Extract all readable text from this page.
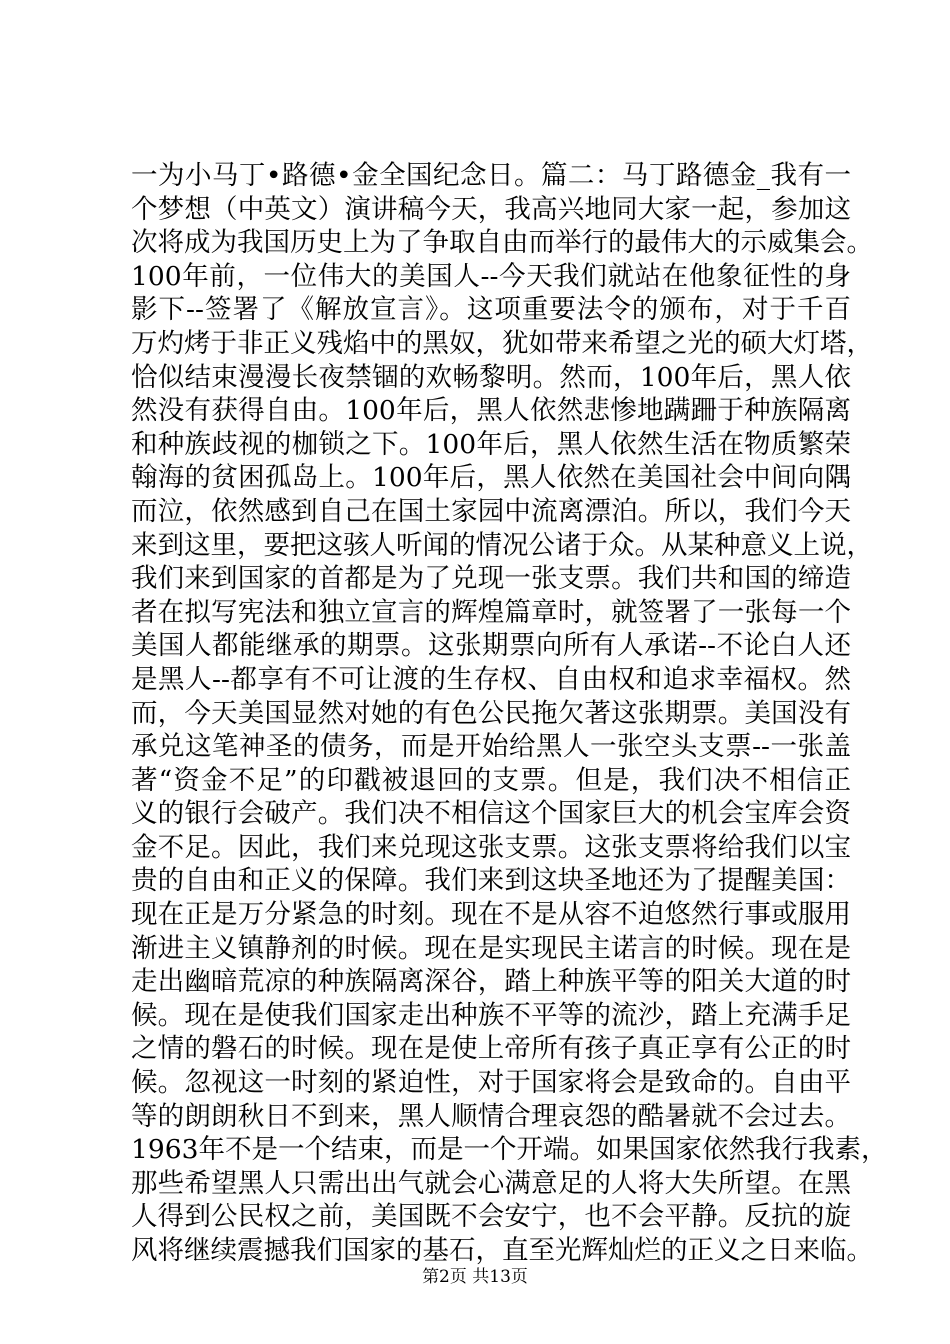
一为小马丁•路德•金全国纪念日。篇二：马丁路德金_我有一
个梦想（中英文）演讲稿今天，我高兴地同大家一起，参加这
次将成为我国历史上为了争取自由而举行的最伟大的示威集会。
100年前，一位伟大的美国人--今天我们就站在他象征性的身
影下--签署了《解放宣言》。这项重要法令的颁布，对于千百
万灼烤于非正义残焰中的黑奴，犹如带来希望之光的硕大灯塔，
恰似结束漫漫长夜禁锢的欢畅黎明。然而，100年后，黑人依
然没有获得自由。100年后，黑人依然悲惨地蹒跚于种族隔离
和种族歧视的枷锁之下。100年后，黑人依然生活在物质繁荣
翰海的贫困孤岛上。100年后，黑人依然在美国社会中间向隅
而泣，依然感到自己在国土家园中流离漂泊。所以，我们今天
来到这里，要把这骇人听闻的情况公诸于众。从某种意义上说，
我们来到国家的首都是为了兑现一张支票。我们共和国的缔造
者在拟写宪法和独立宣言的辉煌篇章时，就签署了一张每一个
美国人都能继承的期票。这张期票向所有人承诺--不论白人还
是黑人--都享有不可让渡的生存权、自由权和追求幸福权。然
而，今天美国显然对她的有色公民拖欠著这张期票。美国没有
承兑这笔神圣的债务，而是开始给黑人一张空头支票--一张盖
著“资金不足”的印戳被退回的支票。但是，我们决不相信正
义的银行会破产。我们决不相信这个国家巨大的机会宝库会资
金不足。因此，我们来兑现这张支票。这张支票将给我们以宝
贵的自由和正义的保障。我们来到这块圣地还为了提醒美国：
现在正是万分紧急的时刻。现在不是从容不迫悠然行事或服用
渐进主义镇静剂的时候。现在是实现民主诺言的时候。现在是
走出幽暗荒凉的种族隔离深谷，踏上种族平等的阳关大道的时
候。现在是使我们国家走出种族不平等的流沙，踏上充满手足
之情的磐石的时候。现在是使上帝所有孩子真正享有公正的时
候。忽视这一时刻的紧迫性，对于国家将会是致命的。自由平
等的朗朗秋日不到来，黑人顺情合理哀怨的酷暑就不会过去。
1963年不是一个结束，而是一个开端。如果国家依然我行我素，
那些希望黑人只需出出气就会心满意足的人将大失所望。在黑
人得到公民权之前，美国既不会安宁，也不会平静。反抗的旋
风将继续震撼我们国家的基石，直至光辉灿烂的正义之日来临。
第2页 共13页
